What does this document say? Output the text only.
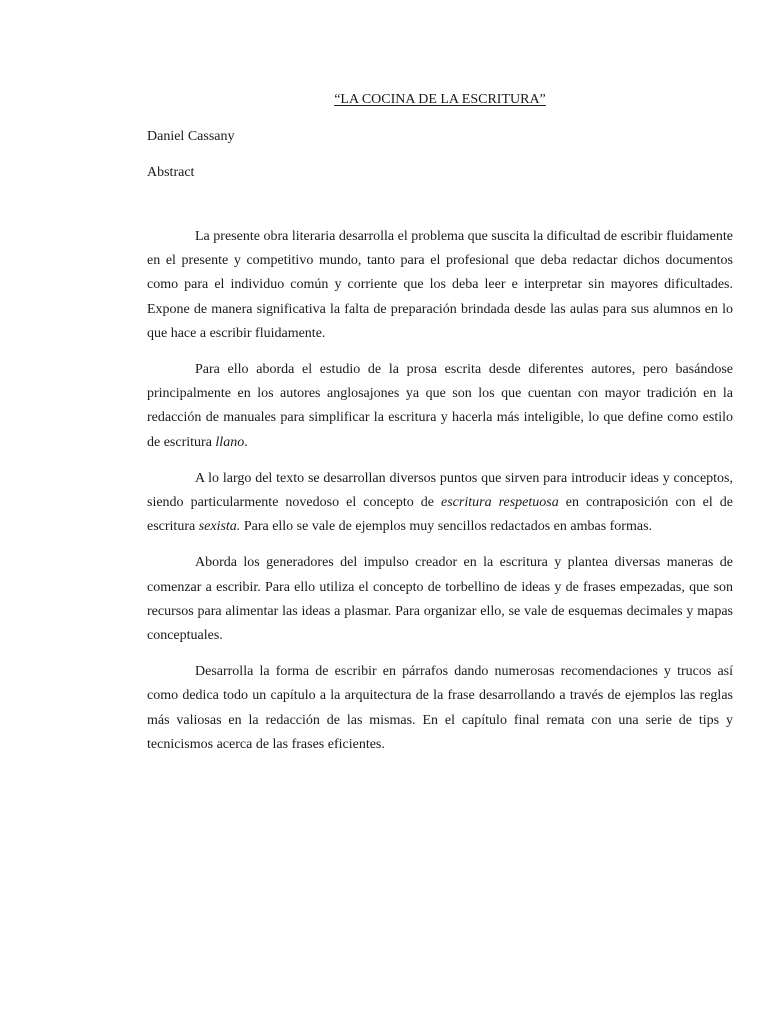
“LA COCINA DE LA ESCRITURA”

Daniel Cassany

Abstract

La presente obra literaria desarrolla el problema que suscita la dificultad de escribir fluidamente en el presente y competitivo mundo, tanto para el profesional que deba redactar dichos documentos como para el individuo común y corriente que los deba leer e interpretar sin mayores dificultades. Expone de manera significativa la falta de preparación brindada desde las aulas para sus alumnos en lo que hace a escribir fluidamente.

Para ello aborda el estudio de la prosa escrita desde diferentes autores, pero basándose principalmente en los autores anglosajones ya que son los que cuentan con mayor tradición en la redacción de manuales para simplificar la escritura y hacerla más inteligible, lo que define como estilo de escritura llano.

A lo largo del texto se desarrollan diversos puntos que sirven para introducir ideas y conceptos, siendo particularmente novedoso el concepto de escritura respetuosa en contraposición con el de escritura sexista. Para ello se vale de ejemplos muy sencillos redactados en ambas formas.

Aborda los generadores del impulso creador en la escritura y plantea diversas maneras de comenzar a escribir. Para ello utiliza el concepto de torbellino de ideas y de frases empezadas, que son recursos para alimentar las ideas a plasmar. Para organizar ello, se vale de esquemas decimales y mapas conceptuales.

Desarrolla la forma de escribir en párrafos dando numerosas recomendaciones y trucos así como dedica todo un capítulo a la arquitectura de la frase desarrollando a través de ejemplos las reglas más valiosas en la redacción de las mismas. En el capítulo final remata con una serie de tips y tecnicismos acerca de las frases eficientes.
